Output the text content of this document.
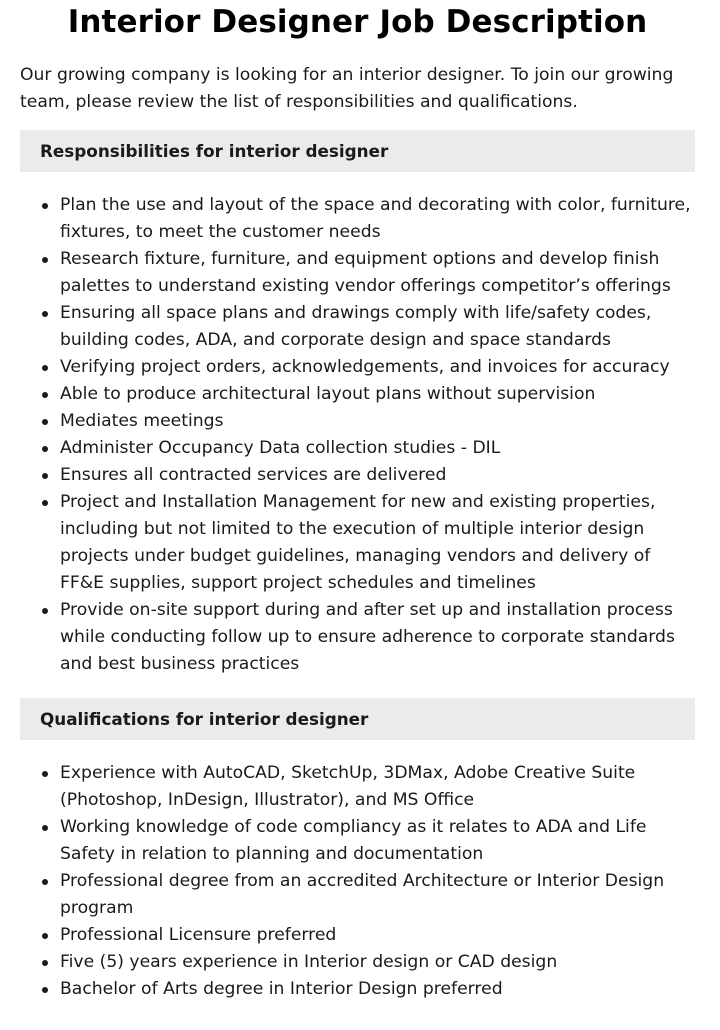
Interior Designer Job Description

Our growing company is looking for an interior designer. To join our growing team, please review the list of responsibilities and qualifications.

Responsibilities for interior designer
Plan the use and layout of the space and decorating with color, furniture, fixtures, to meet the customer needs
Research fixture, furniture, and equipment options and develop finish palettes to understand existing vendor offerings competitor’s offerings
Ensuring all space plans and drawings comply with life/safety codes, building codes, ADA, and corporate design and space standards
Verifying project orders, acknowledgements, and invoices for accuracy
Able to produce architectural layout plans without supervision
Mediates meetings
Administer Occupancy Data collection studies - DIL
Ensures all contracted services are delivered
Project and Installation Management for new and existing properties, including but not limited to the execution of multiple interior design projects under budget guidelines, managing vendors and delivery of FF&E supplies, support project schedules and timelines
Provide on-site support during and after set up and installation process while conducting follow up to ensure adherence to corporate standards and best business practices
Qualifications for interior designer
Experience with AutoCAD, SketchUp, 3DMax, Adobe Creative Suite (Photoshop, InDesign, Illustrator), and MS Office
Working knowledge of code compliancy as it relates to ADA and Life Safety in relation to planning and documentation
Professional degree from an accredited Architecture or Interior Design program
Professional Licensure preferred
Five (5) years experience in Interior design or CAD design
Bachelor of Arts degree in Interior Design preferred
